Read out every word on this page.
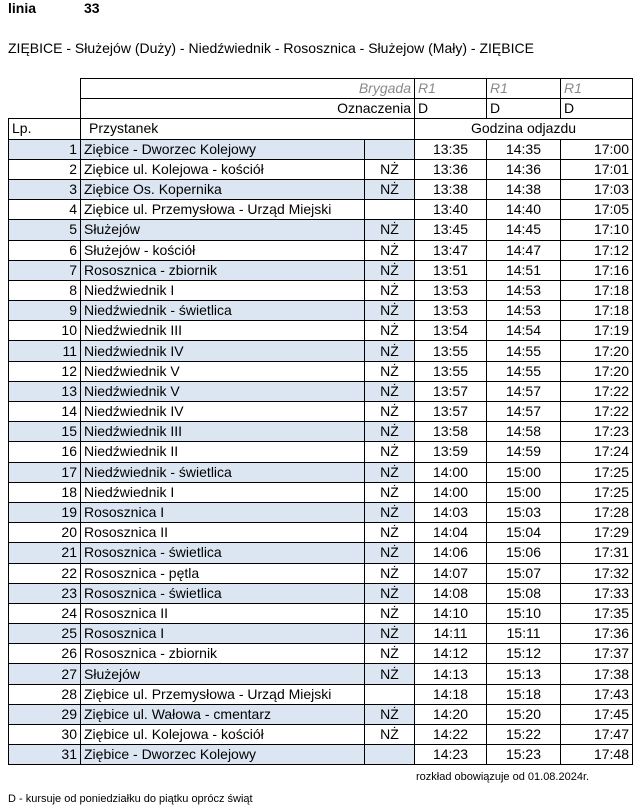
linia	33
ZIĘBICE - Służejów (Duży) - Niedźwiednik - Rososznica - Służejow (Mały) - ZIĘBICE
	Brygada		R1	R1	R1
	Oznaczenia		D	D	D
Lp.	Przystanek		Godzina odjazdu		
1	Ziębice - Dworzec Kolejowy		13:35	14:35	17:00
2	Ziębice ul. Kolejowa - kościół	NŻ	13:36	14:36	17:01
3	Ziębice Os. Kopernika	NŻ	13:38	14:38	17:03
4	Ziębice ul. Przemysłowa - Urząd Miejski		13:40	14:40	17:05
5	Służejów	NŻ	13:45	14:45	17:10
6	Służejów - kościół	NŻ	13:47	14:47	17:12
7	Rososznica - zbiornik	NŻ	13:51	14:51	17:16
8	Niedźwiednik I	NŻ	13:53	14:53	17:18
9	Niedźwiednik - świetlica	NŻ	13:53	14:53	17:18
10	Niedźwiednik III	NŻ	13:54	14:54	17:19
11	Niedźwiednik IV	NŻ	13:55	14:55	17:20
12	Niedźwiednik V	NŻ	13:55	14:55	17:20
13	Niedźwiednik V	NŻ	13:57	14:57	17:22
14	Niedźwiednik IV	NŻ	13:57	14:57	17:22
15	Niedźwiednik III	NŻ	13:58	14:58	17:23
16	Niedźwiednik II	NŻ	13:59	14:59	17:24
17	Niedźwiednik - świetlica	NŻ	14:00	15:00	17:25
18	Niedźwiednik I	NŻ	14:00	15:00	17:25
19	Rososznica I	NŻ	14:03	15:03	17:28
20	Rososznica II	NŻ	14:04	15:04	17:29
21	Rososznica - świetlica	NŻ	14:06	15:06	17:31
22	Rososznica - pętla	NŻ	14:07	15:07	17:32
23	Rososznica - świetlica	NŻ	14:08	15:08	17:33
24	Rososznica II	NŻ	14:10	15:10	17:35
25	Rososznica I	NŻ	14:11	15:11	17:36
26	Rososznica - zbiornik	NŻ	14:12	15:12	17:37
27	Służejów	NŻ	14:13	15:13	17:38
28	Ziębice ul. Przemysłowa - Urząd Miejski		14:18	15:18	17:43
29	Ziębice ul. Wałowa - cmentarz	NŻ	14:20	15:20	17:45
30	Ziębice ul. Kolejowa - kościół	NŻ	14:22	15:22	17:47
31	Ziębice - Dworzec Kolejowy		14:23	15:23	17:48
rozkład obowiązuje od 01.08.2024r.
D - kursuje od poniedziałku do piątku oprócz świąt
